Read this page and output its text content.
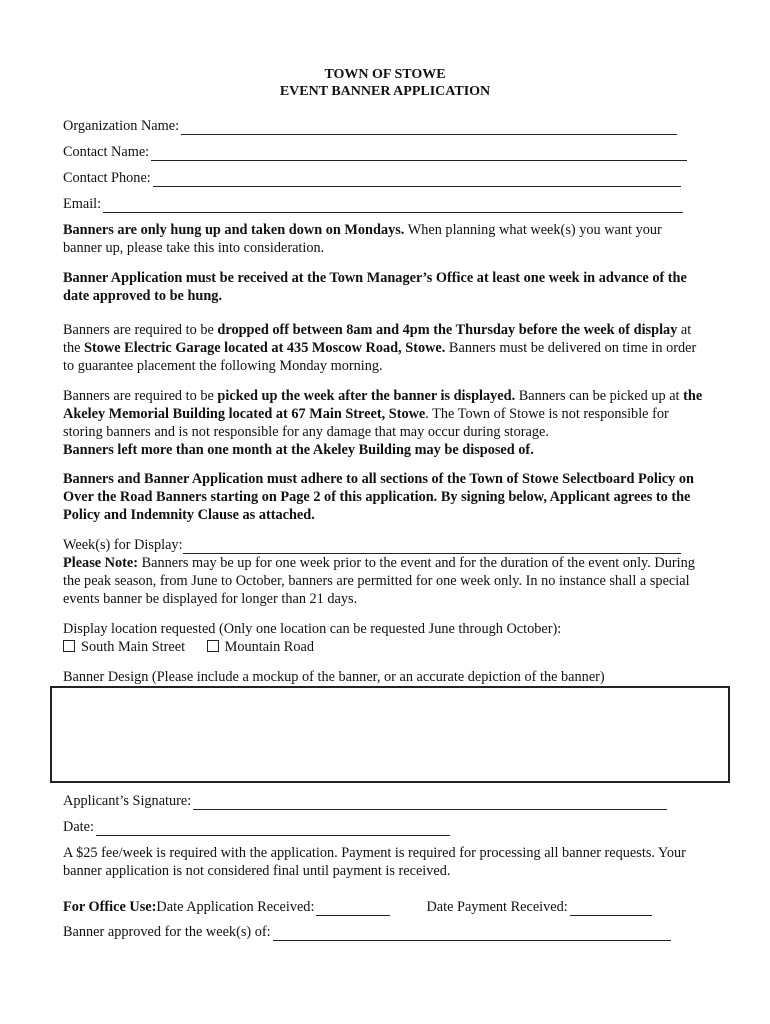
TOWN OF STOWE
EVENT BANNER APPLICATION
Organization Name:
Contact Name:
Contact Phone:
Email:
Banners are only hung up and taken down on Mondays. When planning what week(s) you want your banner up, please take this into consideration.
Banner Application must be received at the Town Manager’s Office at least one week in advance of the date approved to be hung.
Banners are required to be dropped off between 8am and 4pm the Thursday before the week of display at the Stowe Electric Garage located at 435 Moscow Road, Stowe. Banners must be delivered on time in order to guarantee placement the following Monday morning.
Banners are required to be picked up the week after the banner is displayed. Banners can be picked up at the Akeley Memorial Building located at 67 Main Street, Stowe. The Town of Stowe is not responsible for storing banners and is not responsible for any damage that may occur during storage.
Banners left more than one month at the Akeley Building may be disposed of.
Banners and Banner Application must adhere to all sections of the Town of Stowe Selectboard Policy on Over the Road Banners starting on Page 2 of this application. By signing below, Applicant agrees to the Policy and Indemnity Clause as attached.
Week(s) for Display:
Please Note: Banners may be up for one week prior to the event and for the duration of the event only. During the peak season, from June to October, banners are permitted for one week only. In no instance shall a special events banner be displayed for longer than 21 days.
Display location requested (Only one location can be requested June through October):
South Main Street	Mountain Road
Banner Design (Please include a mockup of the banner, or an accurate depiction of the banner)
Applicant’s Signature:
Date:
A $25 fee/week is required with the application. Payment is required for processing all banner requests. Your banner application is not considered final until payment is received.
For Office Use: Date Application Received:	Date Payment Received:
Banner approved for the week(s) of:
